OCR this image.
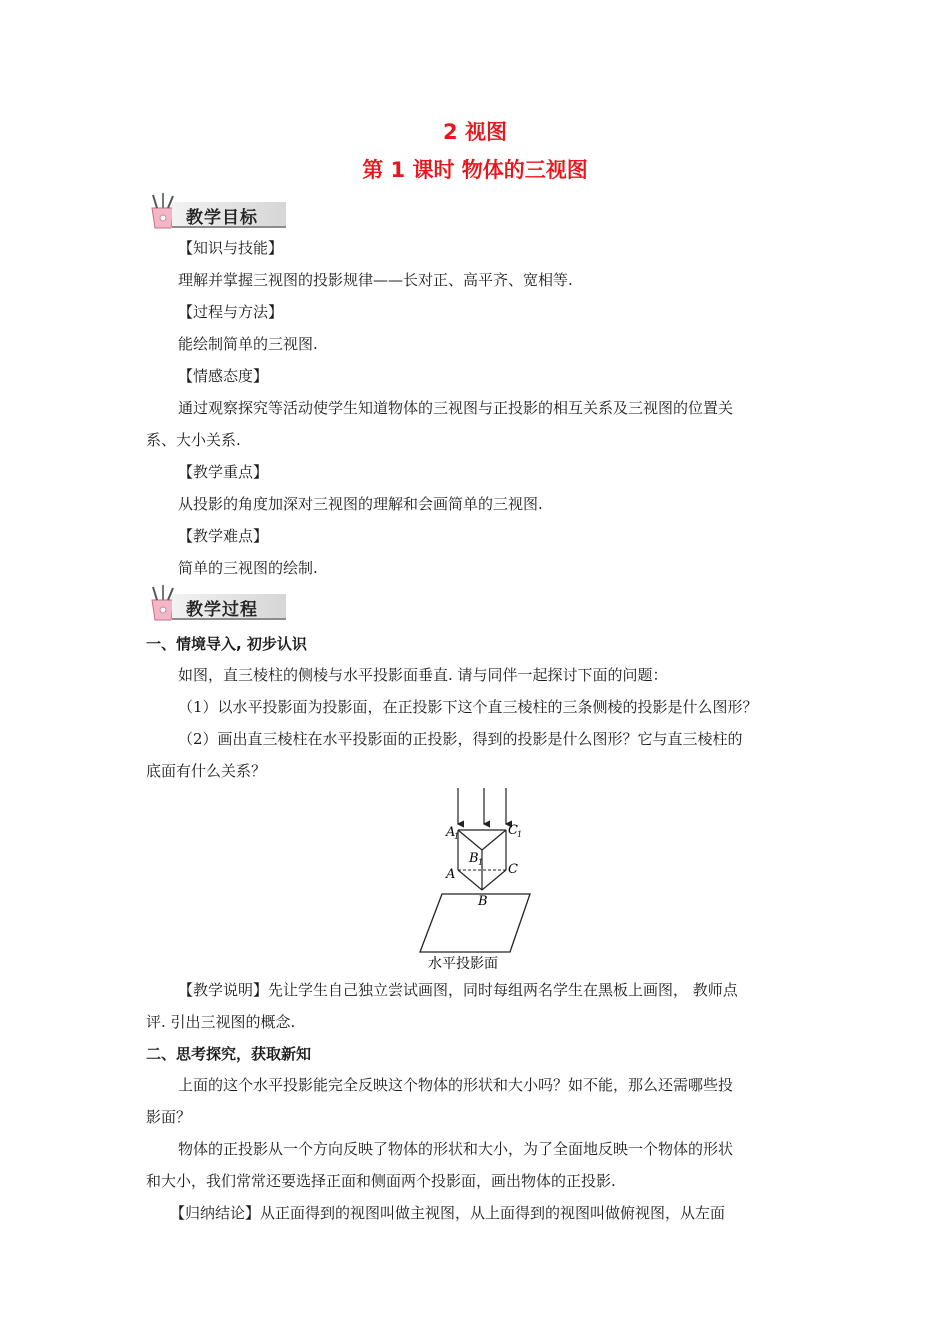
2 视图
第 1 课时 物体的三视图
教学目标
【知识与技能】
理解并掌握三视图的投影规律——长对正、高平齐、宽相等.
【过程与方法】
能绘制简单的三视图.
【情感态度】
通过观察探究等活动使学生知道物体的三视图与正投影的相互关系及三视图的位置关
系、大小关系.
【教学重点】
从投影的角度加深对三视图的理解和会画简单的三视图.
【教学难点】
简单的三视图的绘制.
教学过程
一、情境导入, 初步认识
如图，直三棱柱的侧棱与水平投影面垂直. 请与同伴一起探讨下面的问题：
（1）以水平投影面为投影面，在正投影下这个直三棱柱的三条侧棱的投影是什么图形？
（2）画出直三棱柱在水平投影面的正投影，得到的投影是什么图形？它与直三棱柱的
底面有什么关系？
A
1	C 1
B 1
A	C
B
水平投影面
【教学说明】先让学生自己独立尝试画图，同时每组两名学生在黑板上画图， 教师点
评. 引出三视图的概念.
二、思考探究，获取新知
上面的这个水平投影能完全反映这个物体的形状和大小吗？如不能，那么还需哪些投
影面？
物体的正投影从一个方向反映了物体的形状和大小，为了全面地反映一个物体的形状
和大小，我们常常还要选择正面和侧面两个投影面，画出物体的正投影.
【归纳结论】从正面得到的视图叫做主视图，从上面得到的视图叫做俯视图，从左面
